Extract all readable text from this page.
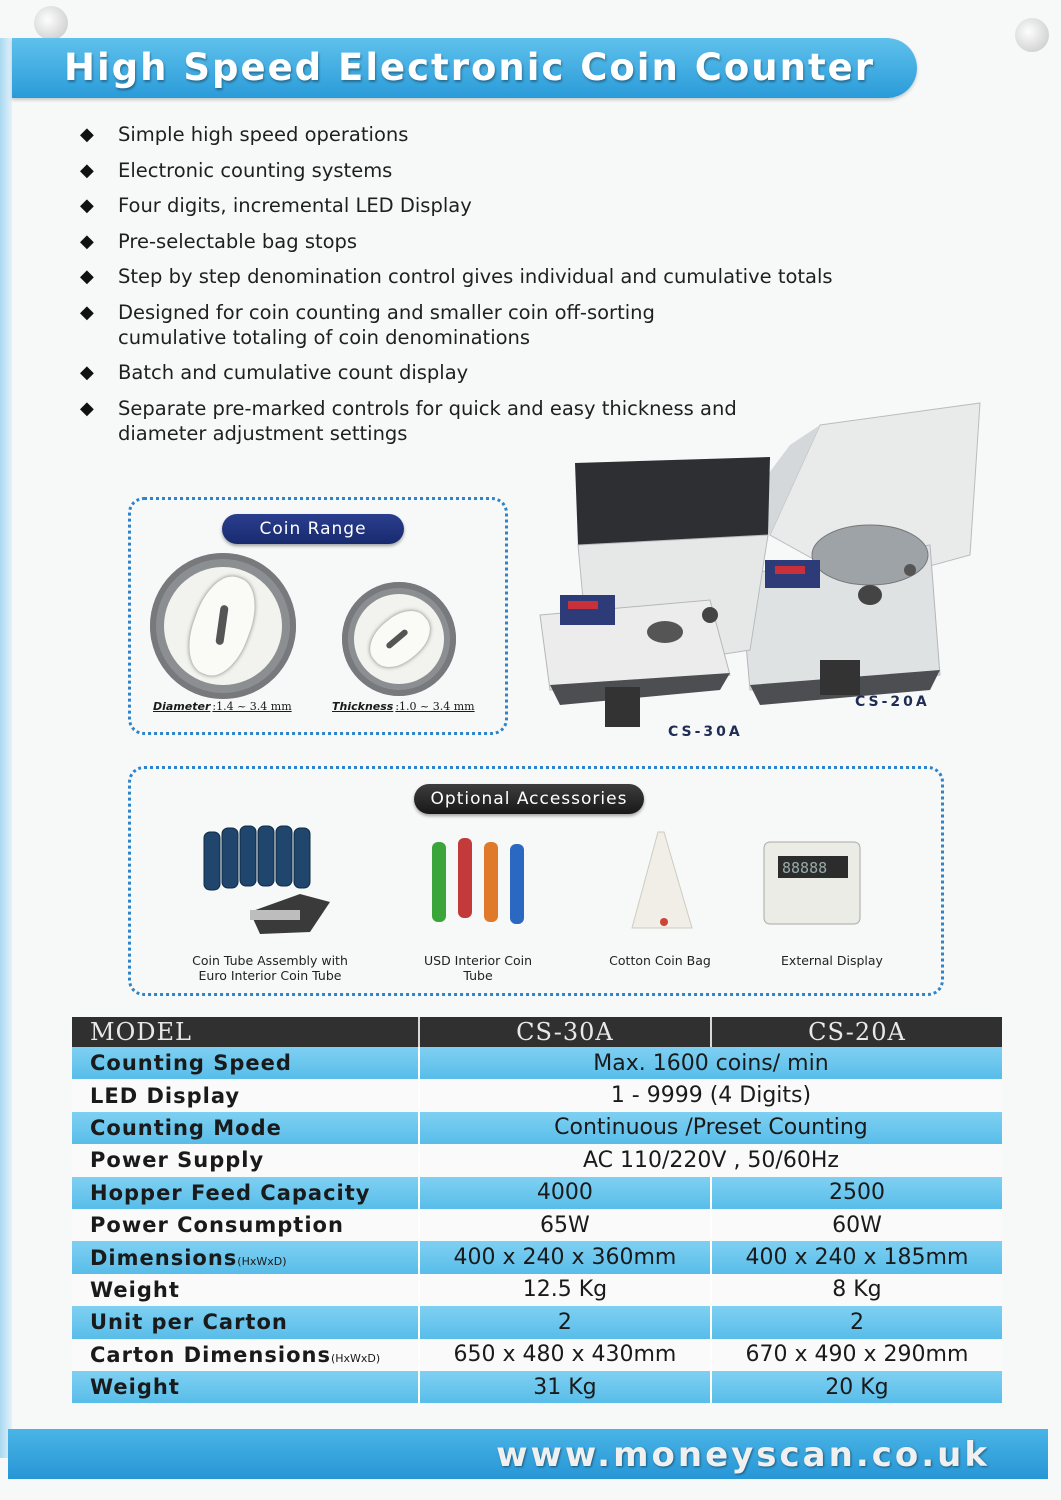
High Speed Electronic Coin Counter
◆ Simple high speed operations
◆ Electronic counting systems
◆ Four digits, incremental LED Display
◆ Pre-selectable bag stops
◆ Step by step denomination control gives individual and cumulative totals
◆ Designed for coin counting and smaller coin off-sorting
cumulative totaling of coin denominations
◆ Batch and cumulative count display
◆ Separate pre-marked controls for quick and easy thickness and
diameter adjustment settings
Coin Range
Diameter :1.4 ~ 3.4 mm	Thickness :1.0 ~ 3.4 mm	CS-20A
CS-30A
Optional Accessories
88888
Coin Tube Assembly with
Euro Interior Coin Tube
USD Interior Coin
Tube
Cotton Coin Bag	External Display
MODEL	CS-30A	CS-20A
Counting Speed	Max. 1600 coins/ min	
LED Display	1 - 9999 (4 Digits)	
Counting Mode	Continuous /Preset Counting	
Power Supply	AC 110/220V , 50/60Hz	
Hopper Feed Capacity	4000	2500
Power Consumption	65W	60W
Dimensions(HxWxD)	400 x 240 x 360mm	400 x 240 x 185mm
Weight	12.5 Kg	8 Kg
Unit per Carton	2	2
Carton Dimensions(HxWxD)	650 x 480 x 430mm	670 x 490 x 290mm
Weight	31 Kg	20 Kg
www.moneyscan.co.uk
